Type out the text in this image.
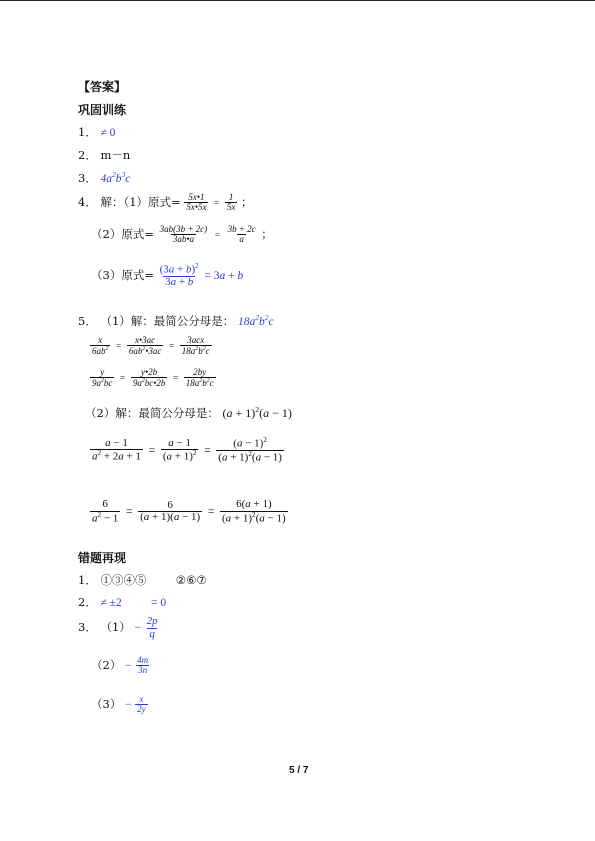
【答案】
巩固训练
1． ≠ 0
2． m－n
3． $4a^2b^3c$
4． 解：（1）原式= $\frac{5x•1}{5x•5x} = \frac{1}{5x}$ ；
（2）原式= $\frac{3ab(3b + 2c)}{3ab•a} = \frac{3b + 2c}{a}$ ；
（3）原式= $\frac{(3a + b)^2}{3a + b} = 3a + b$
5． （1）解：最简公分母是： $18a^2b^2c$
$\frac{x}{6ab^2} = \frac{x•3ac}{6ab^2•3ac} = \frac{\text{3acx}}{18a^2b^2c}$
$\frac{y}{9a^2bc} = \frac{y•2b}{9a^2bc•2b} = \frac{2by}{18a^2b^2c}$
（2）解：最简公分母是： $(a + 1)^2(a - 1)$
$\frac{a - 1}{a^2 + 2a + 1} = \frac{a - 1}{(a + 1)^2} = \frac{(a - 1)^2}{(a + 1)^2(a - 1)}$
$\frac{6}{a^2 - 1} = \frac{6}{(a + 1)(a - 1)} = \frac{6(a + 1)}{(a + 1)^2(a - 1)}$
错题再现
1． ①③④⑤	②⑥⑦
2． ≠ ±2	= 0
3． $(1) - \frac{2p}{q}$
$(2) - \frac{4m}{3n}$
$(3) - \frac{x}{2y}$
5 / 7
